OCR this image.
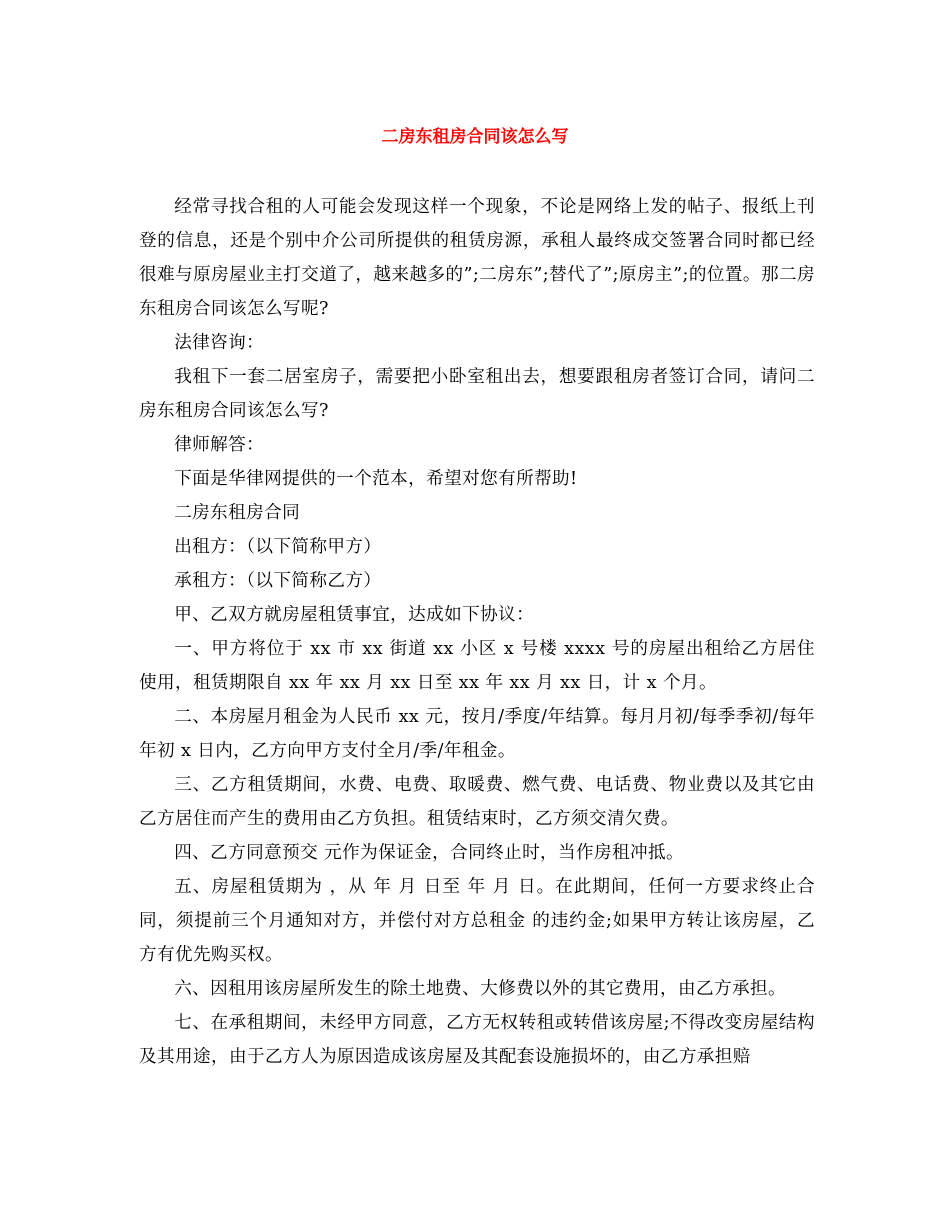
二房东租房合同该怎么写

经常寻找合租的人可能会发现这样一个现象，不论是网络上发的帖子、报纸上刊登的信息，还是个别中介公司所提供的租赁房源，承租人最终成交签署合同时都已经很难与原房屋业主打交道了，越来越多的”;二房东”;替代了”;原房主”;的位置。那二房东租房合同该怎么写呢?

法律咨询：

我租下一套二居室房子，需要把小卧室租出去，想要跟租房者签订合同，请问二房东租房合同该怎么写?

律师解答：

下面是华律网提供的一个范本，希望对您有所帮助!

二房东租房合同

出租方：（以下简称甲方）

承租方：（以下简称乙方）

甲、乙双方就房屋租赁事宜，达成如下协议：

一、甲方将位于 xx 市 xx 街道 xx 小区 x 号楼 xxxx 号的房屋出租给乙方居住使用，租赁期限自 xx 年 xx 月 xx 日至 xx 年 xx 月 xx 日，计 x 个月。

二、本房屋月租金为人民币 xx 元，按月/季度/年结算。每月月初/每季季初/每年年初 x 日内，乙方向甲方支付全月/季/年租金。

三、乙方租赁期间，水费、电费、取暖费、燃气费、电话费、物业费以及其它由乙方居住而产生的费用由乙方负担。租赁结束时，乙方须交清欠费。

四、乙方同意预交 元作为保证金，合同终止时，当作房租冲抵。

五、房屋租赁期为 ，从 年 月 日至 年 月 日。在此期间，任何一方要求终止合同，须提前三个月通知对方，并偿付对方总租金 的违约金;如果甲方转让该房屋，乙方有优先购买权。

六、因租用该房屋所发生的除土地费、大修费以外的其它费用，由乙方承担。

七、在承租期间，未经甲方同意，乙方无权转租或转借该房屋;不得改变房屋结构及其用途，由于乙方人为原因造成该房屋及其配套设施损坏的，由乙方承担赔
